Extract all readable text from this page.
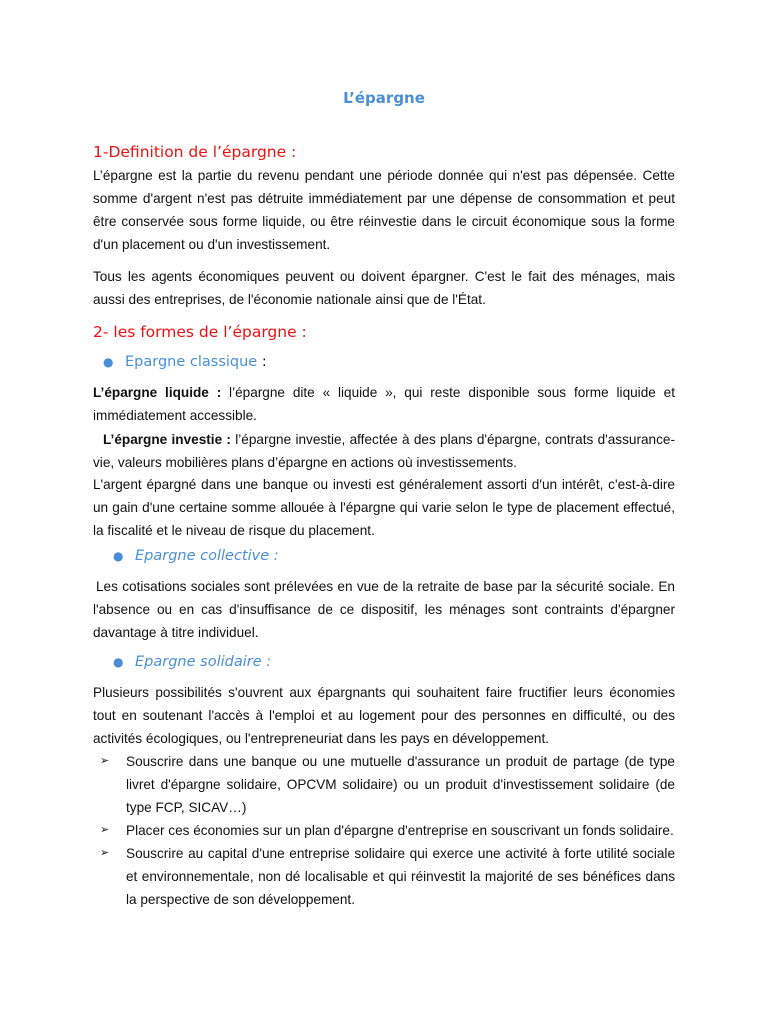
L’épargne
1-Definition de l’épargne :

L’épargne est la partie du revenu pendant une période donnée qui n'est pas dépensée. Cette somme d'argent n'est pas détruite immédiatement par une dépense de consommation et peut être conservée sous forme liquide, ou être réinvestie dans le circuit économique sous la forme d'un placement ou d'un investissement.

Tous les agents économiques peuvent ou doivent épargner. C'est le fait des ménages, mais aussi des entreprises, de l'économie nationale ainsi que de l'État.

2- les formes de l’épargne :

● Epargne classique :

L’épargne liquide : l’épargne dite « liquide », qui reste disponible sous forme liquide et immédiatement accessible.

L’épargne investie : l’épargne investie, affectée à des plans d'épargne, contrats d'assurance-vie, valeurs mobilières plans d’épargne en actions où investissements.

L'argent épargné dans une banque ou investi est généralement assorti d'un intérêt, c'est-à-dire un gain d'une certaine somme allouée à l'épargne qui varie selon le type de placement effectué, la fiscalité et le niveau de risque du placement.

● Epargne collective :

Les cotisations sociales sont prélevées en vue de la retraite de base par la sécurité sociale. En l'absence ou en cas d'insuffisance de ce dispositif, les ménages sont contraints d'épargner davantage à titre individuel.

● Epargne solidaire :

Plusieurs possibilités s'ouvrent aux épargnants qui souhaitent faire fructifier leurs économies tout en soutenant l'accès à l'emploi et au logement pour des personnes en difficulté, ou des activités écologiques, ou l'entrepreneuriat dans les pays en développement.

➢ Souscrire dans une banque ou une mutuelle d'assurance un produit de partage (de type livret d'épargne solidaire, OPCVM solidaire) ou un produit d'investissement solidaire (de type FCP, SICAV…)
➢ Placer ces économies sur un plan d'épargne d'entreprise en souscrivant un fonds solidaire.
➢ Souscrire au capital d'une entreprise solidaire qui exerce une activité à forte utilité sociale et environnementale, non dé localisable et qui réinvestit la majorité de ses bénéfices dans la perspective de son développement.
